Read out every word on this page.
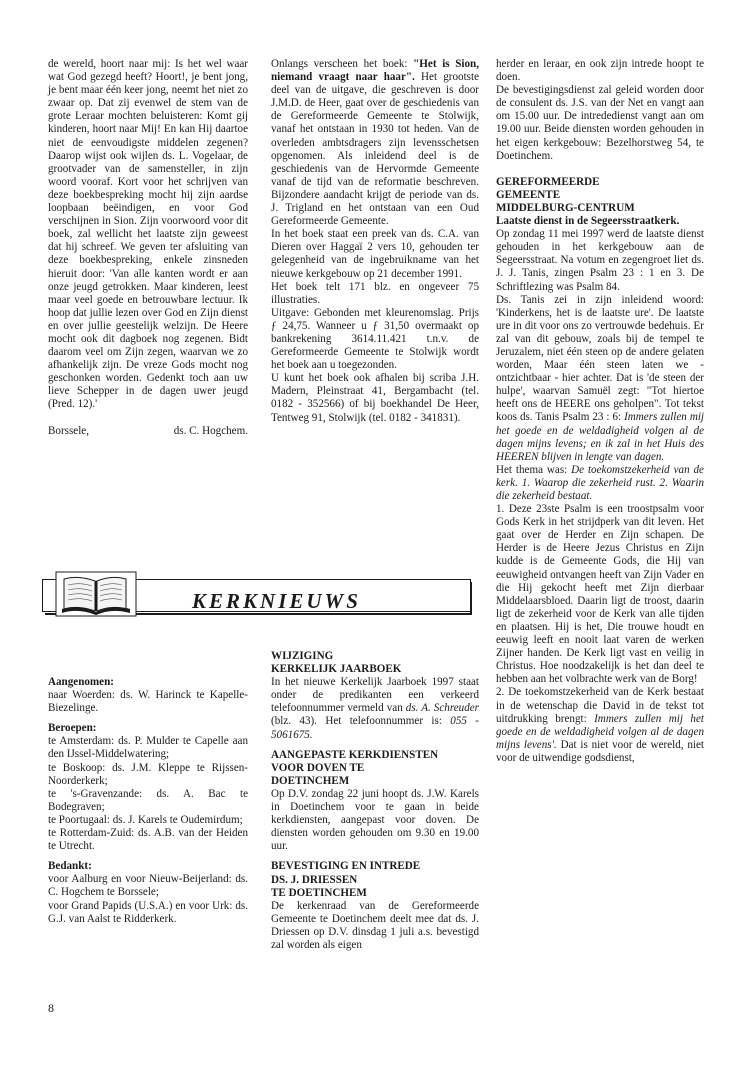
de wereld, hoort naar mij: Is het wel waar wat God gezegd heeft? Hoort!, je bent jong, je bent maar één keer jong, neemt het niet zo zwaar op. Dat zij evenwel de stem van de grote Leraar mochten beluisteren: Komt gij kinderen, hoort naar Mij! En kan Hij daartoe niet de eenvoudigste middelen zegenen? Daarop wijst ook wijlen ds. L. Vogelaar, de grootvader van de samensteller, in zijn woord vooraf. Kort voor het schrijven van deze boekbespreking mocht hij zijn aardse loopbaan beëindigen, en voor God verschijnen in Sion. Zijn voorwoord voor dit boek, zal wellicht het laatste zijn geweest dat hij schreef. We geven ter afsluiting van deze boekbespreking, enkele zinsneden hieruit door: 'Van alle kanten wordt er aan onze jeugd getrokken. Maar kinderen, leest maar veel goede en betrouwbare lectuur. Ik hoop dat jullie lezen over God en Zijn dienst en over jullie geestelijk welzijn. De Heere mocht ook dit dagboek nog zegenen. Bidt daarom veel om Zijn zegen, waarvan we zo afhankelijk zijn. De vreze Gods mocht nog geschonken worden. Gedenkt toch aan uw lieve Schepper in de dagen uwer jeugd (Pred. 12).'

Borssele,	ds. C. Hogchem.

Onlangs verscheen het boek: "Het is Sion, niemand vraagt naar haar". Het grootste deel van de uitgave, die geschreven is door J.M.D. de Heer, gaat over de geschiedenis van de Gereformeerde Gemeente te Stolwijk, vanaf het ontstaan in 1930 tot heden. Van de overleden ambtsdragers zijn levensschetsen opgenomen. Als inleidend deel is de geschiedenis van de Hervormde Gemeente vanaf de tijd van de reformatie beschreven. Bijzondere aandacht krijgt de periode van ds. J. Trigland en het ontstaan van een Oud Gereformeerde Gemeente.

In het boek staat een preek van ds. C.A. van Dieren over Haggaï 2 vers 10, gehouden ter gelegenheid van de ingebruikname van het nieuwe kerkgebouw op 21 december 1991.

Het boek telt 171 blz. en ongeveer 75 illustraties.

Uitgave: Gebonden met kleurenomslag. Prijs ƒ 24,75. Wanneer u ƒ 31,50 overmaakt op bankrekening 3614.11.421 t.n.v. de Gereformeerde Gemeente te Stolwijk wordt het boek aan u toegezonden.

U kunt het boek ook afhalen bij scriba J.H. Madern, Pleinstraat 41, Bergambacht (tel. 0182 - 352566) of bij boekhandel De Heer, Tentweg 91, Stolwijk (tel. 0182 - 341831).

herder en leraar, en ook zijn intrede hoopt te doen.

De bevestigingsdienst zal geleid worden door de consulent ds. J.S. van der Net en vangt aan om 15.00 uur. De intrededienst vangt aan om 19.00 uur. Beide diensten worden gehouden in het eigen kerkgebouw: Bezelhorstweg 54, te Doetinchem.

GEREFORMEERDE
GEMEENTE
MIDDELBURG-CENTRUM
Laatste dienst in de Segeersstraatkerk.

Op zondag 11 mei 1997 werd de laatste dienst gehouden in het kerkgebouw aan de Segeersstraat. Na votum en zegengroet liet ds. J. J. Tanis, zingen Psalm 23 : 1 en 3. De Schriftlezing was Psalm 84.

Ds. Tanis zei in zijn inleidend woord: 'Kinderkens, het is de laatste ure'. De laatste ure in dit voor ons zo vertrouwde bedehuis. Er zal van dit gebouw, zoals bij de tempel te Jeruzalem, niet één steen op de andere gelaten worden, Maar één steen laten we - ontzichtbaar - hier achter. Dat is 'de steen der hulpe', waarvan Samuël zegt: "Tot hiertoe heeft ons de HEERE ons geholpen". Tot tekst koos ds. Tanis Psalm 23 : 6: Immers zullen mij het goede en de weldadigheid volgen al de dagen mijns levens; en ik zal in het Huis des HEEREN blijven in lengte van dagen.

Het thema was: De toekomstzekerheid van de kerk. 1. Waarop die zekerheid rust. 2. Waarin die zekerheid bestaat.

1. Deze 23ste Psalm is een troostpsalm voor Gods Kerk in het strijdperk van dit leven. Het gaat over de Herder en Zijn schapen. De Herder is de Heere Jezus Christus en Zijn kudde is de Gemeente Gods, die Hij van eeuwigheid ontvangen heeft van Zijn Vader en die Hij gekocht heeft met Zijn dierbaar Middelaarsbloed. Daarin ligt de troost, daarin ligt de zekerheid voor de Kerk van alle tijden en plaatsen. Hij is het, Die trouwe houdt en eeuwig leeft en nooit laat varen de werken Zijner handen. De Kerk ligt vast en veilig in Christus. Hoe noodzakelijk is het dan deel te hebben aan het volbrachte werk van de Borg!

2. De toekomstzekerheid van de Kerk bestaat in de wetenschap die David in de tekst tot uitdrukking brengt: Immers zullen mij het goede en de weldadigheid volgen al de dagen mijns levens'. Dat is niet voor de wereld, niet voor de uitwendige godsdienst,

KERKNIEUWS
Aangenomen:

naar Woerden: ds. W. Harinck te Kapelle-Biezelinge.

Beroepen:

te Amsterdam: ds. P. Mulder te Capelle aan den IJssel-Middelwatering;

te Boskoop: ds. J.M. Kleppe te Rijssen-Noorderkerk;

te 's-Gravenzande: ds. A. Bac te Bodegraven;

te Poortugaal: ds. J. Karels te Oudemirdum;

te Rotterdam-Zuid: ds. A.B. van der Heiden te Utrecht.

Bedankt:

voor Aalburg en voor Nieuw-Beijerland: ds. C. Hogchem te Borssele;

voor Grand Papids (U.S.A.) en voor Urk: ds. G.J. van Aalst te Ridderkerk.

WIJZIGING
KERKELIJK JAARBOEK

In het nieuwe Kerkelijk Jaarboek 1997 staat onder de predikanten een verkeerd telefoonnummer vermeld van ds. A. Schreuder (blz. 43). Het telefoonnummer is: 055 - 5061675.

AANGEPASTE KERKDIENSTEN
VOOR DOVEN TE
DOETINCHEM

Op D.V. zondag 22 juni hoopt ds. J.W. Karels in Doetinchem voor te gaan in beide kerkdiensten, aangepast voor doven. De diensten worden gehouden om 9.30 en 19.00 uur.

BEVESTIGING EN INTREDE
DS. J. DRIESSEN
TE DOETINCHEM

De kerkenraad van de Gereformeerde Gemeente te Doetinchem deelt mee dat ds. J. Driessen op D.V. dinsdag 1 juli a.s. bevestigd zal worden als eigen

8
